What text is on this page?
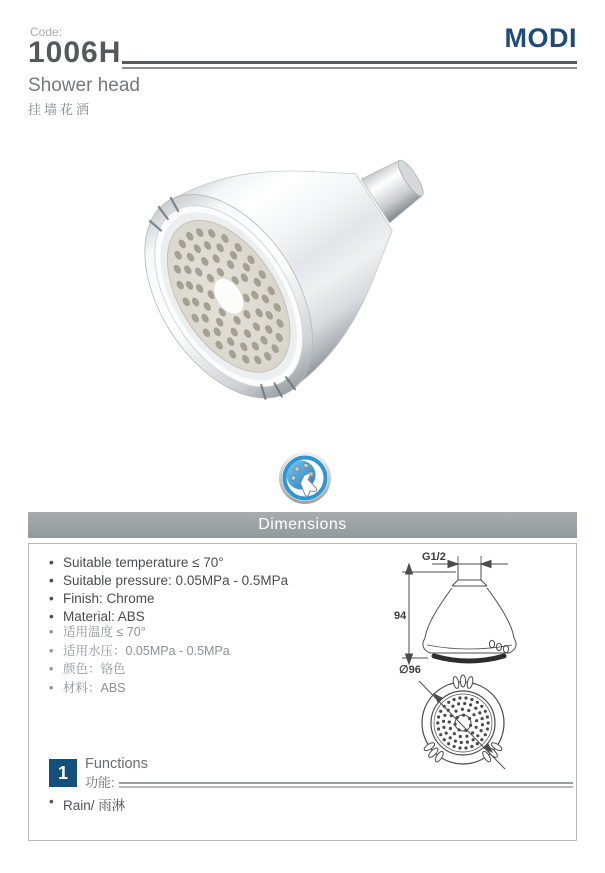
Code:
1006H	MODI
Shower head
挂墙花洒
Dimensions
• Suitable temperature ≤ 70°
• Suitable pressure: 0.05MPa - 0.5MPa
• Finish: Chrome
• Material: ABS
• 适用温度 ≤ 70°
• 适用水压：0.05MPa - 0.5MPa
• 颜色：铬色
• 材料：ABS
G1/2
94
∅96
1	Functions
功能:
• Rain/ 雨淋
